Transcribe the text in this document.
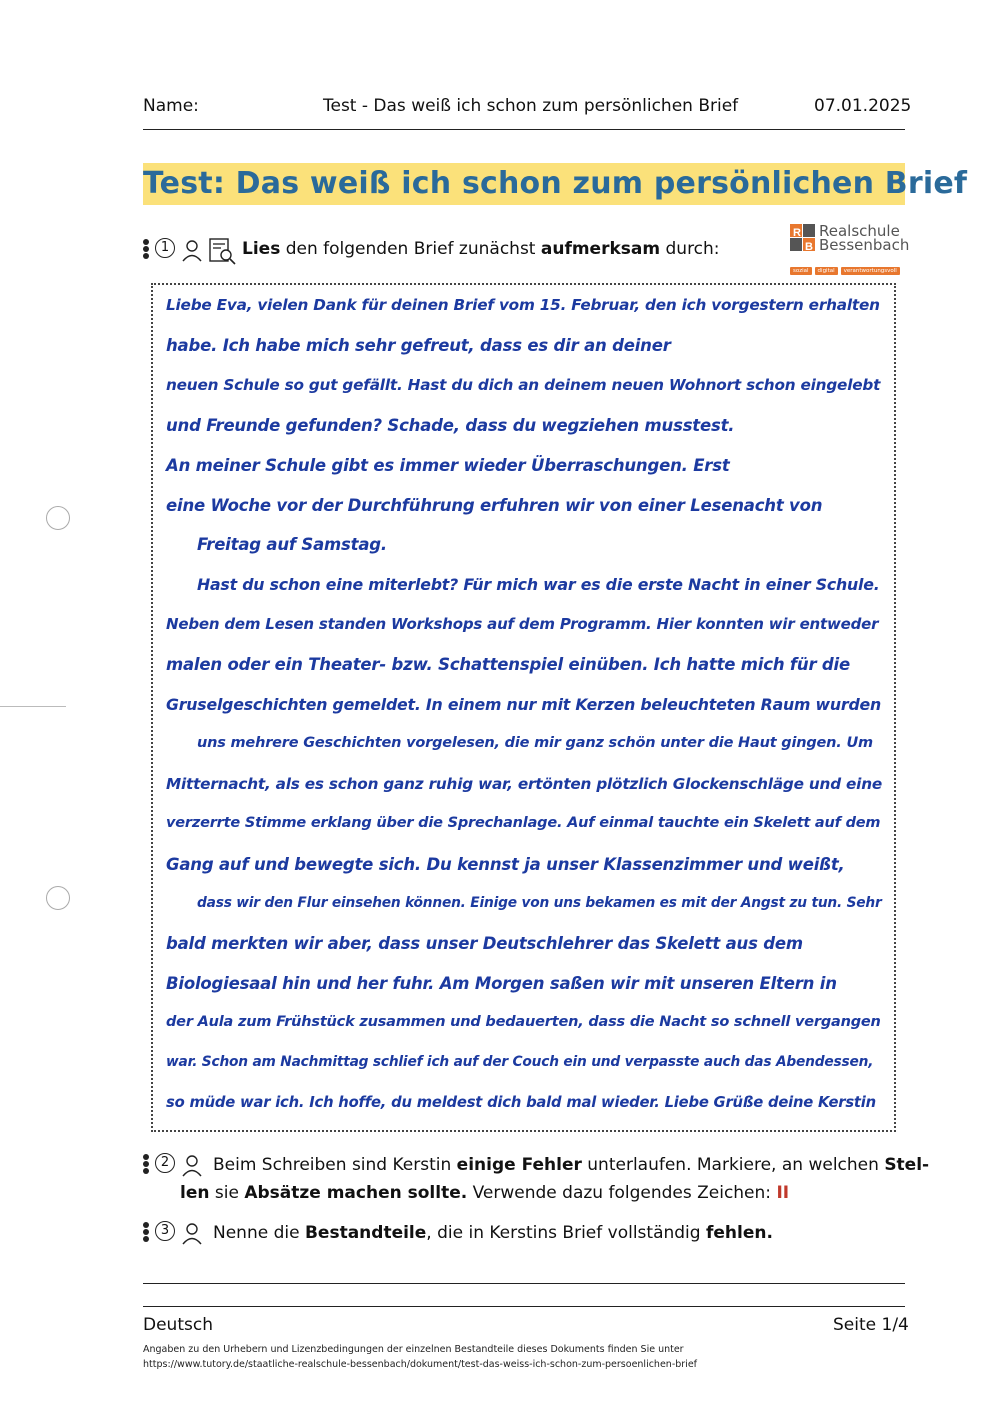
Name:	Test - Das weiß ich schon zum persönlichen Brief	07.01.2025
Test: Das weiß ich schon zum persönlichen Brief
1	Lies den folgenden Brief zunächst aufmerksam durch:
R
B
Realschule
Bessenbach
sozial digital verantwortungsvoll
Liebe Eva, vielen Dank für deinen Brief vom 15. Februar, den ich vorgestern erhalten
habe. Ich habe mich sehr gefreut, dass es dir an deiner
neuen Schule so gut gefällt. Hast du dich an deinem neuen Wohnort schon eingelebt
und Freunde gefunden? Schade, dass du wegziehen musstest.
An meiner Schule gibt es immer wieder Überraschungen. Erst
eine Woche vor der Durchführung erfuhren wir von einer Lesenacht von
Freitag auf Samstag.
Hast du schon eine miterlebt? Für mich war es die erste Nacht in einer Schule.
Neben dem Lesen standen Workshops auf dem Programm. Hier konnten wir entweder
malen oder ein Theater- bzw. Schattenspiel einüben. Ich hatte mich für die
Gruselgeschichten gemeldet. In einem nur mit Kerzen beleuchteten Raum wurden
uns mehrere Geschichten vorgelesen, die mir ganz schön unter die Haut gingen. Um
Mitternacht, als es schon ganz ruhig war, ertönten plötzlich Glockenschläge und eine
verzerrte Stimme erklang über die Sprechanlage. Auf einmal tauchte ein Skelett auf dem
Gang auf und bewegte sich. Du kennst ja unser Klassenzimmer und weißt,
dass wir den Flur einsehen können. Einige von uns bekamen es mit der Angst zu tun. Sehr
bald merkten wir aber, dass unser Deutschlehrer das Skelett aus dem
Biologiesaal hin und her fuhr. Am Morgen saßen wir mit unseren Eltern in
der Aula zum Frühstück zusammen und bedauerten, dass die Nacht so schnell vergangen
war. Schon am Nachmittag schlief ich auf der Couch ein und verpasste auch das Abendessen,
so müde war ich. Ich hoffe, du meldest dich bald mal wieder. Liebe Grüße deine Kerstin
2	Beim Schreiben sind Kerstin einige Fehler unterlaufen. Markiere, an welchen Stel-
len sie Absätze machen sollte. Verwende dazu folgendes Zeichen: II
3	Nenne die Bestandteile, die in Kerstins Brief vollständig fehlen.
Deutsch	Seite 1/4
Angaben zu den Urhebern und Lizenzbedingungen der einzelnen Bestandteile dieses Dokuments finden Sie unter
https://www.tutory.de/staatliche-realschule-bessenbach/dokument/test-das-weiss-ich-schon-zum-persoenlichen-brief
